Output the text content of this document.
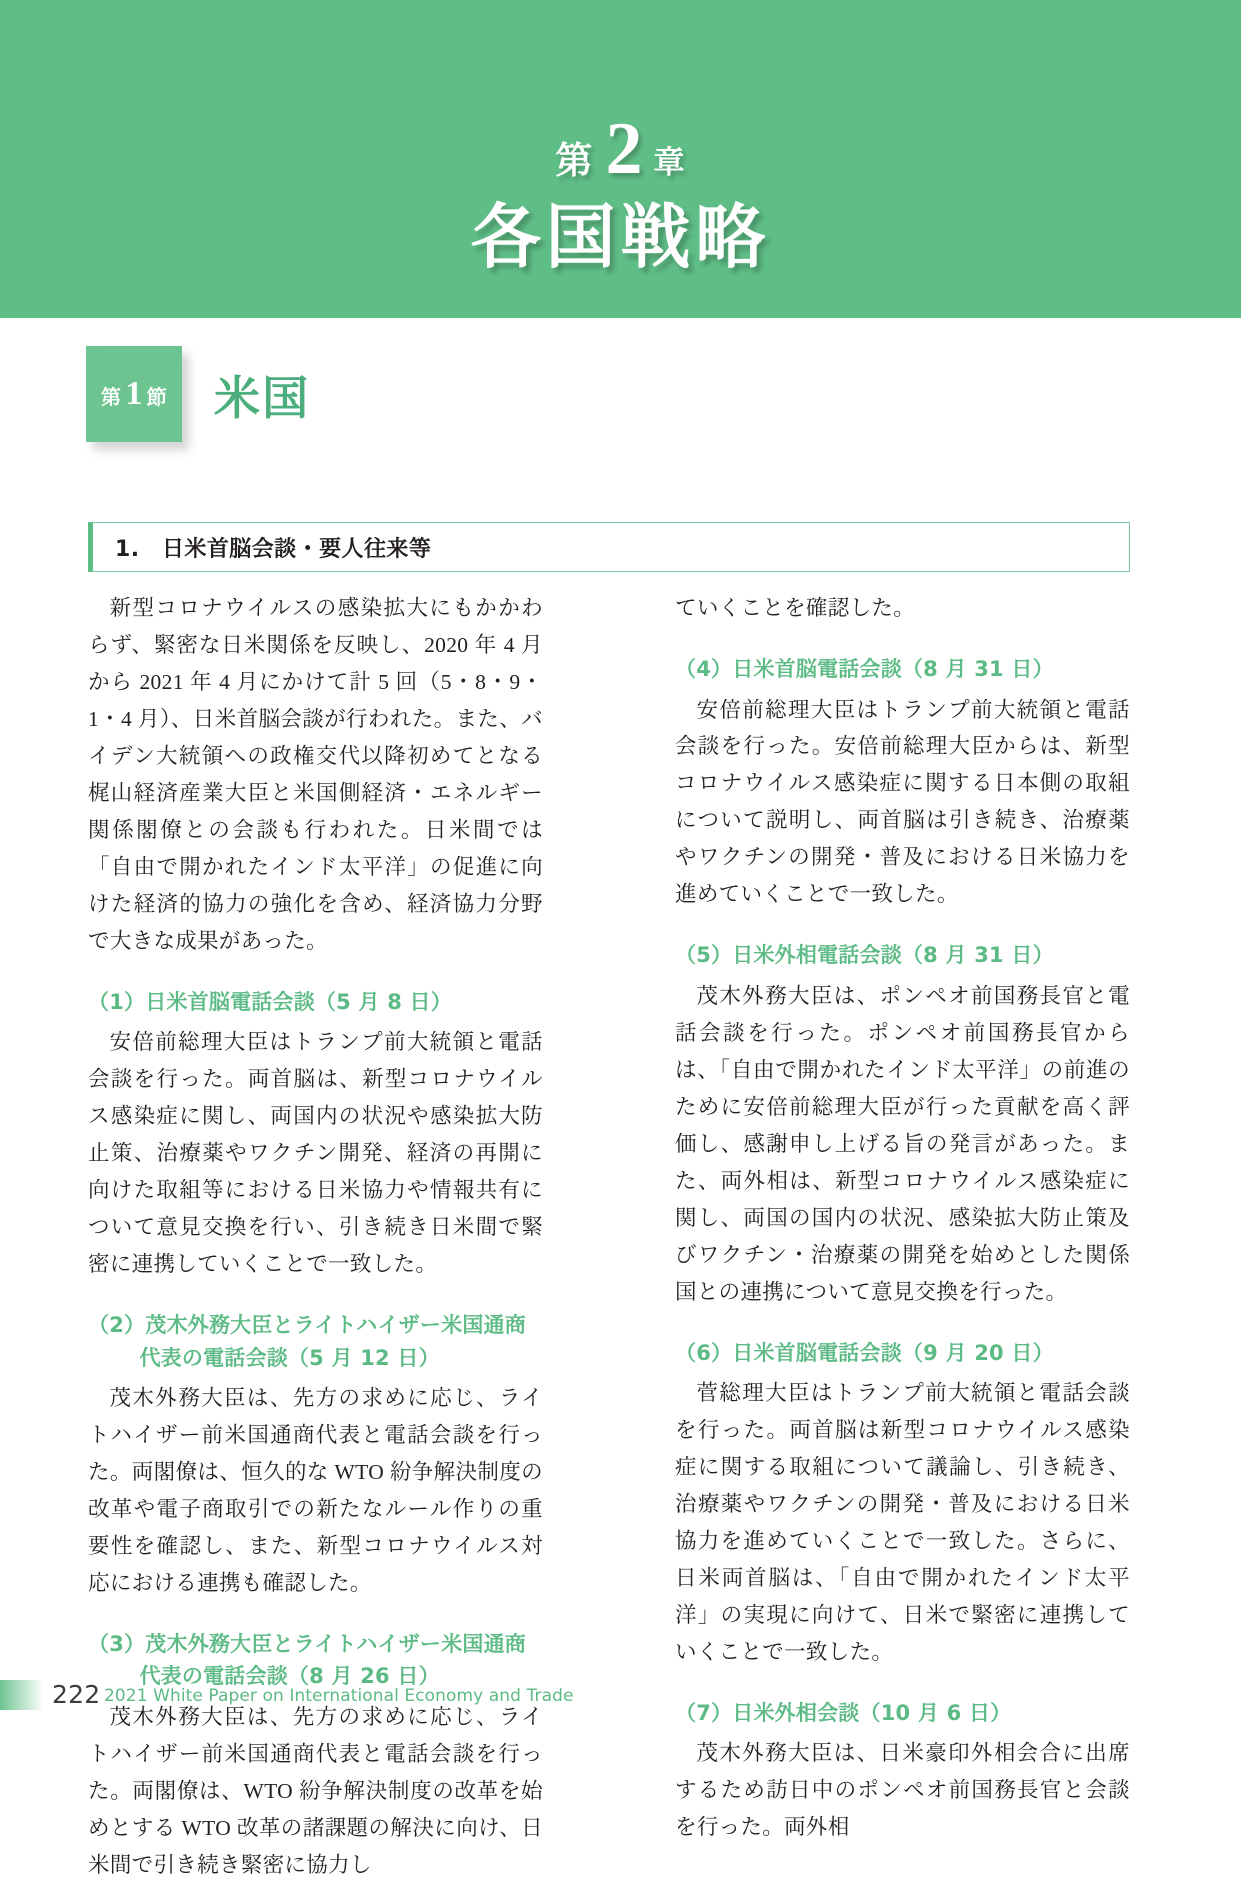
第 2 章
各国戦略
第 1 節 米国
1.　日米首脳会談・要人往来等

新型コロナウイルスの感染拡大にもかかわらず、緊密な日米関係を反映し、2020 年 4 月から 2021 年 4 月にかけて計 5 回（5・8・9・1・4 月）、日米首脳会談が行われた。また、バイデン大統領への政権交代以降初めてとなる梶山経済産業大臣と米国側経済・エネルギー関係閣僚との会談も行われた。日米間では「自由で開かれたインド太平洋」の促進に向けた経済的協力の強化を含め、経済協力分野で大きな成果があった。

（1）日米首脳電話会談（5 月 8 日）

安倍前総理大臣はトランプ前大統領と電話会談を行った。両首脳は、新型コロナウイルス感染症に関し、両国内の状況や感染拡大防止策、治療薬やワクチン開発、経済の再開に向けた取組等における日米協力や情報共有について意見交換を行い、引き続き日米間で緊密に連携していくことで一致した。

（2）茂木外務大臣とライトハイザー米国通商代表の電話会談（5 月 12 日）

茂木外務大臣は、先方の求めに応じ、ライトハイザー前米国通商代表と電話会談を行った。両閣僚は、恒久的な WTO 紛争解決制度の改革や電子商取引での新たなルール作りの重要性を確認し、また、新型コロナウイルス対応における連携も確認した。

（3）茂木外務大臣とライトハイザー米国通商代表の電話会談（8 月 26 日）

茂木外務大臣は、先方の求めに応じ、ライトハイザー前米国通商代表と電話会談を行った。両閣僚は、WTO 紛争解決制度の改革を始めとする WTO 改革の諸課題の解決に向け、日米間で引き続き緊密に協力し

ていくことを確認した。

（4）日米首脳電話会談（8 月 31 日）

安倍前総理大臣はトランプ前大統領と電話会談を行った。安倍前総理大臣からは、新型コロナウイルス感染症に関する日本側の取組について説明し、両首脳は引き続き、治療薬やワクチンの開発・普及における日米協力を進めていくことで一致した。

（5）日米外相電話会談（8 月 31 日）

茂木外務大臣は、ポンペオ前国務長官と電話会談を行った。ポンペオ前国務長官からは、「自由で開かれたインド太平洋」の前進のために安倍前総理大臣が行った貢献を高く評価し、感謝申し上げる旨の発言があった。また、両外相は、新型コロナウイルス感染症に関し、両国の国内の状況、感染拡大防止策及びワクチン・治療薬の開発を始めとした関係国との連携について意見交換を行った。

（6）日米首脳電話会談（9 月 20 日）

菅総理大臣はトランプ前大統領と電話会談を行った。両首脳は新型コロナウイルス感染症に関する取組について議論し、引き続き、治療薬やワクチンの開発・普及における日米協力を進めていくことで一致した。さらに、日米両首脳は、「自由で開かれたインド太平洋」の実現に向けて、日米で緊密に連携していくことで一致した。

（7）日米外相会談（10 月 6 日）

茂木外務大臣は、日米豪印外相会合に出席するため訪日中のポンペオ前国務長官と会談を行った。両外相

222 2021 White Paper on International Economy and Trade
